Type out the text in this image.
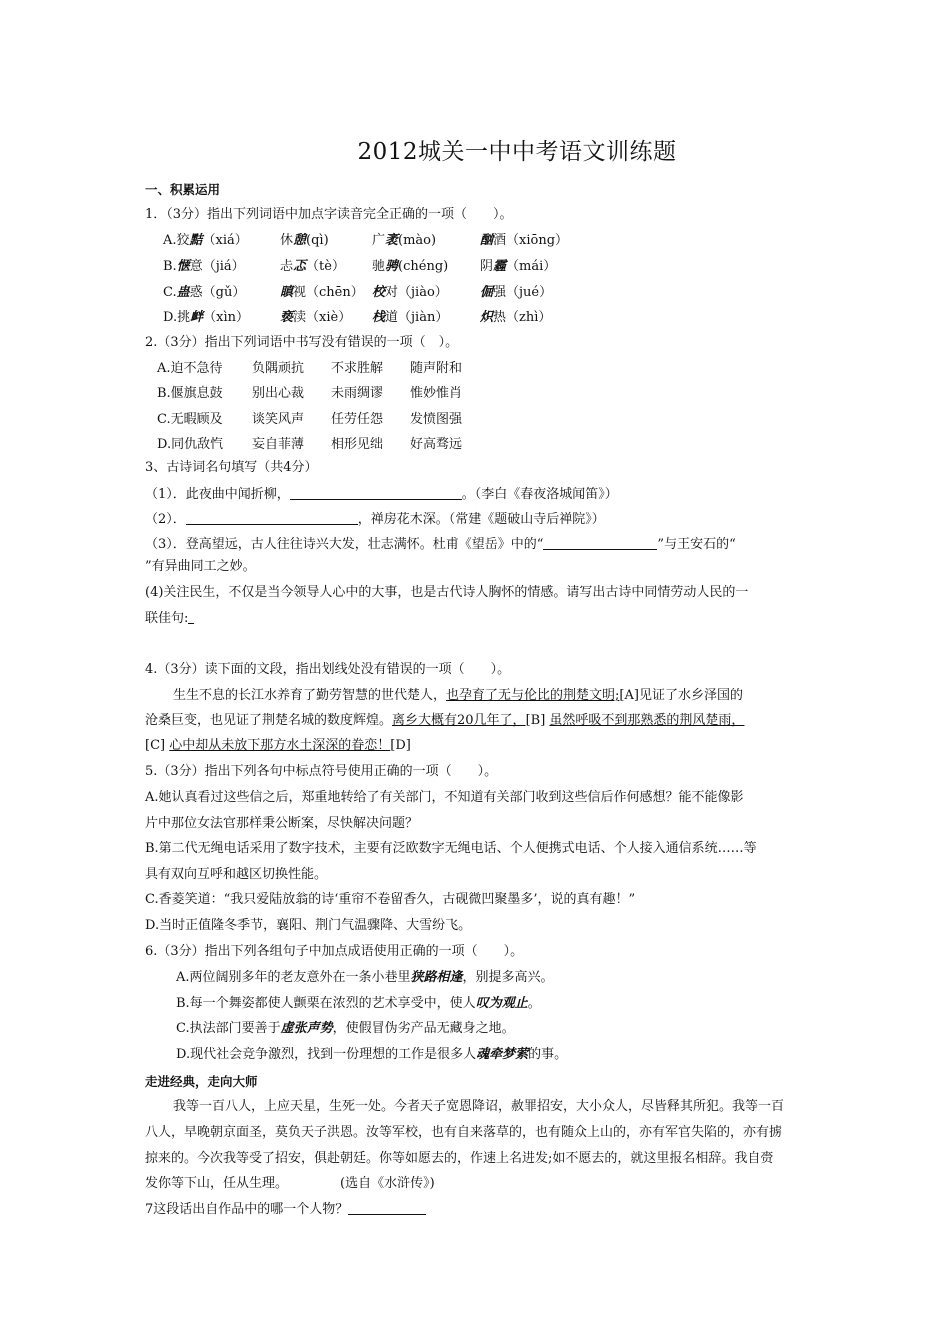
2012城关一中中考语文训练题
一、积累运用
1．（3分）指出下列词语中加点字读音完全正确的一项（　　）。
A.狡黠（xiá） 休憩(qì)	广袤(mào)	酗酒（xiōng）
B.惬意（jiá）	忐忑（tè） 驰骋(chéng) 阴霾（mái）
C.蛊惑（gǔ）	瞋视（chēn） 校对（jiào） 倔强（jué）
D.挑衅（xìn） 亵渎（xiè） 栈道（jiàn） 炽热（zhì）
2.（3分）指出下列词语中书写没有错误的一项（　）。
A.迫不急待 负隅顽抗 不求胜解 随声附和
B.偃旗息鼓 别出心裁 未雨绸谬 惟妙惟肖
C.无暇顾及 谈笑风声 任劳任怨 发愤图强
D.同仇敌忾 妄自菲薄 相形见绌 好高骛远
3、古诗词名句填写（共4分）
（1）．此夜曲中闻折柳，	。（李白《春夜洛城闻笛》）
（2）．	，禅房花木深。（常建《题破山寺后禅院》）
（3）．登高望远，古人往往诗兴大发，壮志满怀。杜甫《望岳》中的“	”与王安石的“
”有异曲同工之妙。
(4)关注民生，不仅是当今领导人心中的大事，也是古代诗人胸怀的情感。请写出古诗中同情劳动人民的一
联佳句:
4.（3分）读下面的文段，指出划线处没有错误的一项（　　）。
生生不息的长江水养育了勤劳智慧的世代楚人，也孕育了无与伦比的荆楚文明;[A]见证了水乡泽国的
沧桑巨变，也见证了荆楚名城的数度辉煌。离乡大概有20几年了，[B] 虽然呼吸不到那熟悉的荆风楚雨，
[C] 心中却从未放下那方水土深深的眷恋！[D]
5.（3分）指出下列各句中标点符号使用正确的一项（　　）。
A.她认真看过这些信之后，郑重地转给了有关部门，不知道有关部门收到这些信后作何感想？能不能像影
片中那位女法官那样秉公断案，尽快解决问题？
B.第二代无绳电话采用了数字技术，主要有泛欧数字无绳电话、个人便携式电话、个人接入通信系统……等
具有双向互呼和越区切换性能。
C.香菱笑道：“我只爱陆放翁的诗‘重帘不卷留香久，古砚微凹聚墨多’，说的真有趣！”
D.当时正值隆冬季节，襄阳、荆门气温骤降、大雪纷飞。
6.（3分）指出下列各组句子中加点成语使用正确的一项（　　）。
A.两位阔别多年的老友意外在一条小巷里狭路相逢，别提多高兴。
B.每一个舞姿都使人颤栗在浓烈的艺术享受中，使人叹为观止。
C.执法部门要善于虚张声势，使假冒伪劣产品无藏身之地。
D.现代社会竞争激烈，找到一份理想的工作是很多人魂牵梦萦的事。
走进经典，走向大师
我等一百八人，上应天星，生死一处。今者天子宽恩降诏，赦罪招安，大小众人，尽皆释其所犯。我等一百
八人，早晚朝京面圣，莫负天子洪恩。汝等军校，也有自来落草的，也有随众上山的，亦有军官失陷的，亦有掳
掠来的。今次我等受了招安，俱赴朝廷。你等如愿去的，作速上名进发;如不愿去的，就这里报名相辞。我自赍
发你等下山，任从生理。	(选自《水浒传》)
7这段话出自作品中的哪一个人物？
